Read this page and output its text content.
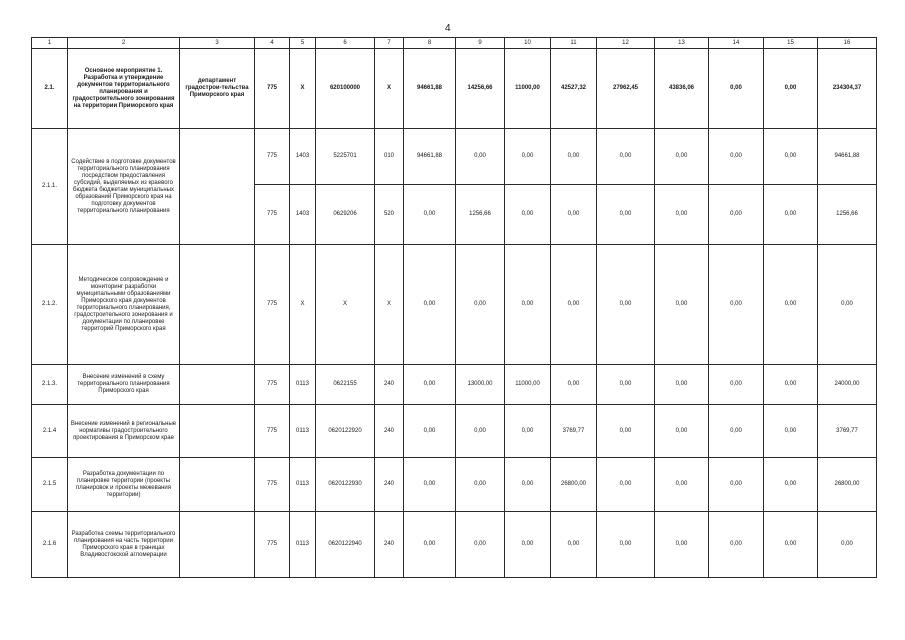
4
1	2	3	4	5	6	7	8	9	10	11	12	13	14	15	16
2.1.	Основное мероприятие 1. Разработка и утверждение документов территориального планирования и градостроительного зонирования на территории Приморского края	департамент градострои-тельства Приморского края	775	X	620100000	X	94661,88	14256,66	11000,00	42527,32	27962,45	43836,06	0,00	0,00	234304,37
2.1.1.	Содействие в подготовке документов территориального планирования посредством предоставления субсидий, выделяемых из краевого бюджета бюджетам муниципальных образований Приморского края на подготовку документов территориального планирования		775	1403	5225701	010	94661,88	0,00	0,00	0,00	0,00	0,00	0,00	0,00	94661,88
			775	1403	0629206	520	0,00	1256,66	0,00	0,00	0,00	0,00	0,00	0,00	1256,66
2.1.2.	Методическое сопровождение и мониторинг разработки муниципальными образованиями Приморского края документов территориального планирования, градостроительного зонирования и документации по планировке территорий Приморского края		775	X	X	X	0,00	0,00	0,00	0,00	0,00	0,00	0,00	0,00	0,00
2.1.3.	Внесение изменений в схему территориального планирования Приморского края		775	0113	0622155	240	0,00	13000,00	11000,00	0,00	0,00	0,00	0,00	0,00	24000,00
2.1.4	Внесение изменений в региональные нормативы градостроительного проектирования в Приморском крае		775	0113	0620122920	240	0,00	0,00	0,00	3769,77	0,00	0,00	0,00	0,00	3769,77
2.1.5	Разработка документации по планировке территории (проекты планировок и проекты межевания территории)		775	0113	0620122930	240	0,00	0,00	0,00	26800,00	0,00	0,00	0,00	0,00	26800,00
2.1.6	Разработка схемы территориального планирования на часть территории Приморского края в границах Владивостокской агломерации		775	0113	0620122940	240	0,00	0,00	0,00	0,00	0,00	0,00	0,00	0,00	0,00
